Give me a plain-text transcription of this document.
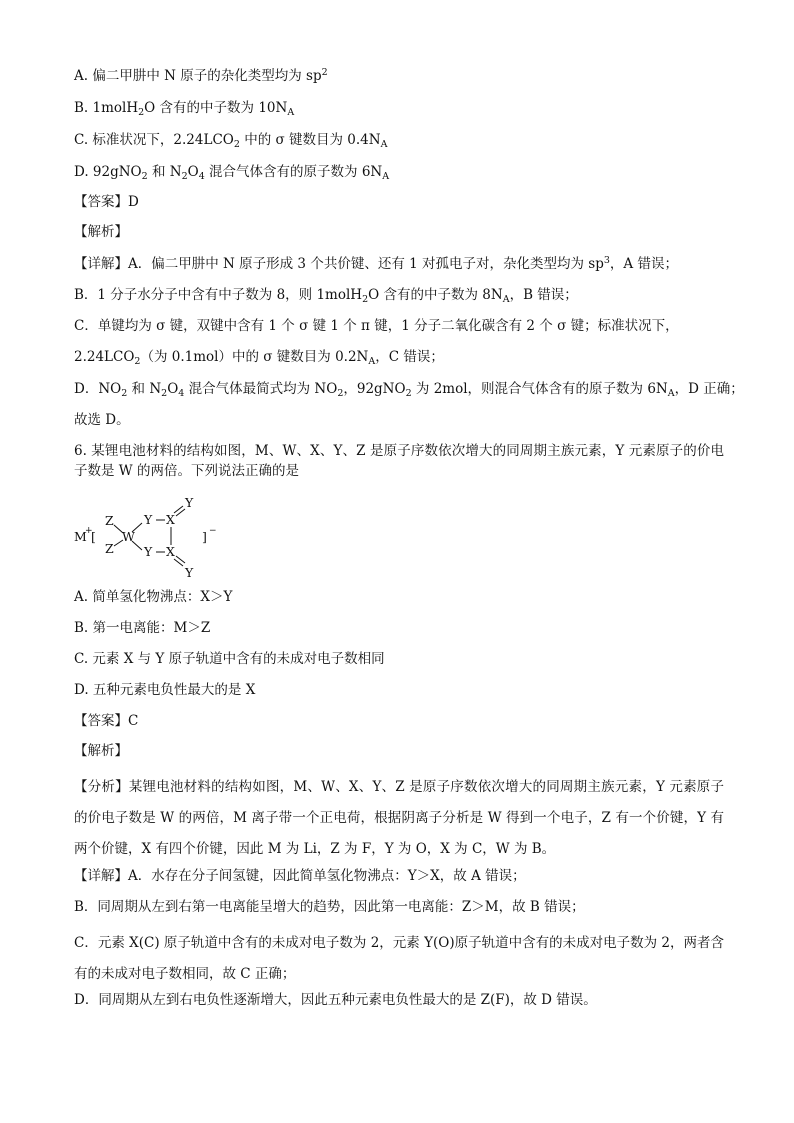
A. 偏二甲肼中 N 原子的杂化类型均为 $sp^2$
B. 1molH$_2$O 含有的中子数为 $10N_A$
C. 标准状况下，$2.24LCO_2$ 中的 σ 键数目为 $0.4N_A$
D. 92gNO$_2$ 和 $N_2O_4$ 混合气体含有的原子数为 $6N_A$
【答案】D
【解析】
【详解】A．偏二甲肼中 N 原子形成 3 个共价键、还有 1 对孤电子对，杂化类型均为 $sp^3$，A 错误；
B．1 分子水分子中含有中子数为 8，则 1molH$_2$O 含有的中子数为 $8N_A$，B 错误；
C．单键均为 σ 键，双键中含有 1 个 σ 键 1 个 π 键，1 分子二氧化碳含有 2 个 σ 键；标准状况下，
$2.24LCO_2$（为 0.1mol）中的 σ 键数目为 $0.2N_A$，C 错误；
D．$NO_2$ 和 $N_2O_4$ 混合气体最简式均为 $NO_2$，92gNO$_2$ 为 2mol，则混合气体含有的原子数为 $6N_A$，D 正确；
故选 D。
6. 某锂电池材料的结构如图，M、W、X、Y、Z 是原子序数依次增大的同周期主族元素，Y 元素原子的价电子数是 W 的两倍。下列说法正确的是
M
+
[
Z
Z
W
Y
Y
X
X
Y
Y
] −
A. 简单氢化物沸点：X＞Y
B. 第一电离能：M＞Z
C. 元素 X 与 Y 原子轨道中含有的未成对电子数相同
D. 五种元素电负性最大的是 X
【答案】C
【解析】
【分析】某锂电池材料的结构如图，M、W、X、Y、Z 是原子序数依次增大的同周期主族元素，Y 元素原子的价电子数是 W 的两倍，M 离子带一个正电荷，根据阴离子分析是 W 得到一个电子，Z 有一个价键，Y 有两个价键，X 有四个价键，因此 M 为 Li，Z 为 F，Y 为 O，X 为 C，W 为 B。
【详解】A．水存在分子间氢键，因此简单氢化物沸点：Y＞X，故 A 错误；
B．同周期从左到右第一电离能呈增大的趋势，因此第一电离能：Z＞M，故 B 错误；
C．元素 X(C) 原子轨道中含有的未成对电子数为 2，元素 Y(O)原子轨道中含有的未成对电子数为 2，两者含有的未成对电子数相同，故 C 正确；
D．同周期从左到右电负性逐渐增大，因此五种元素电负性最大的是 Z(F)，故 D 错误。
